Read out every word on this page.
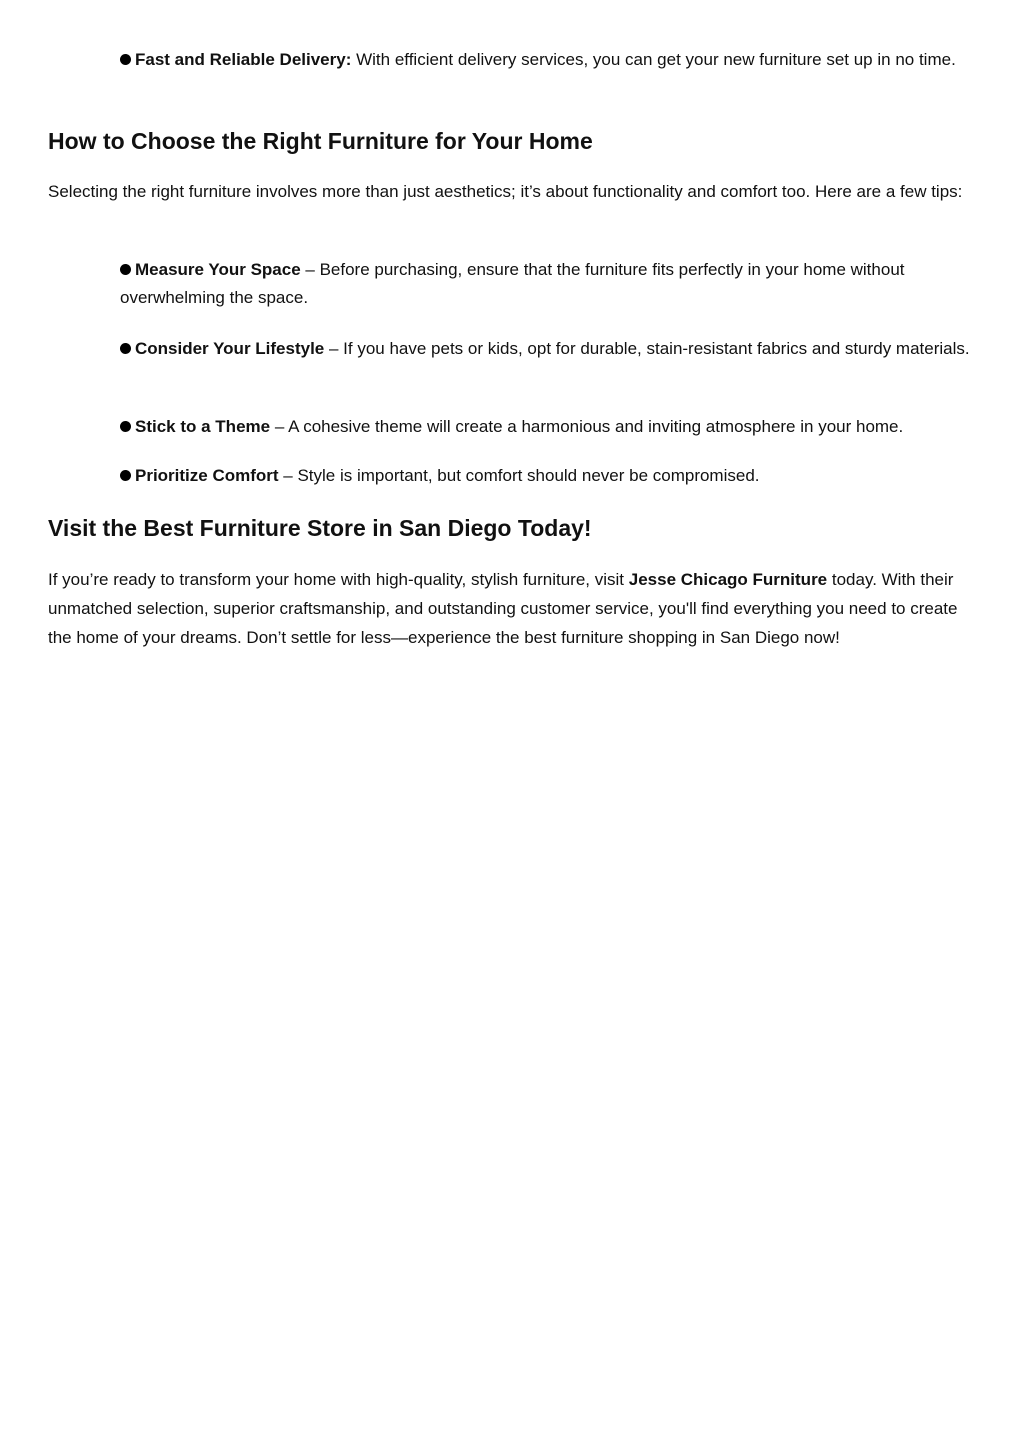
Fast and Reliable Delivery: With efficient delivery services, you can get your new furniture set up in no time.

How to Choose the Right Furniture for Your Home

Selecting the right furniture involves more than just aesthetics; it’s about functionality and comfort too. Here are a few tips:

Measure Your Space – Before purchasing, ensure that the furniture fits perfectly in your home without overwhelming the space.

Consider Your Lifestyle – If you have pets or kids, opt for durable, stain-resistant fabrics and sturdy materials.

Stick to a Theme – A cohesive theme will create a harmonious and inviting atmosphere in your home.

Prioritize Comfort – Style is important, but comfort should never be compromised.

Visit the Best Furniture Store in San Diego Today!

If you’re ready to transform your home with high-quality, stylish furniture, visit Jesse Chicago Furniture today. With their unmatched selection, superior craftsmanship, and outstanding customer service, you'll find everything you need to create the home of your dreams. Don’t settle for less—experience the best furniture shopping in San Diego now!
